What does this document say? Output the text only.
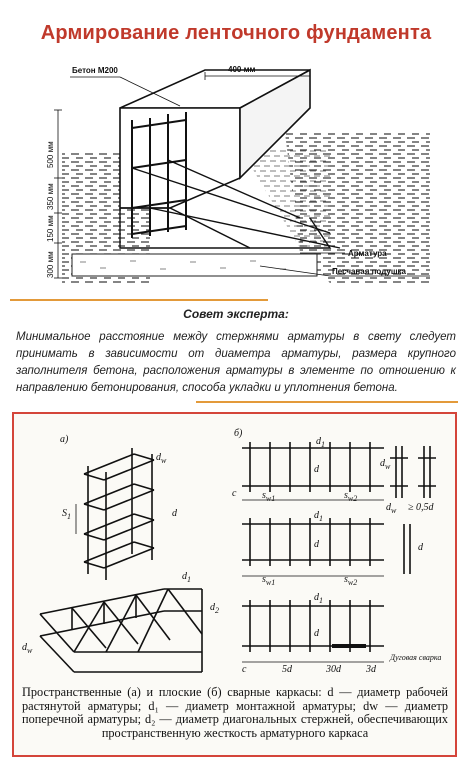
Армирование ленточного фундамента
400 мм
Бетон М200
Арматура
Песчаная подушка
500 мм
350 мм
150 мм
300 мм
Совет эксперта:
Минимальное расстояние между стержнями арматуры в свету следует принимать в зависимости от диаметра арматуры, размера крупного заполнителя бетона, расположения арматуры в элементе по отношению к направлению бетонирования, способа укладки и уплотнения бетона.
а)
$d_w$
d
$S_1$
$d_1$
$d_2$
$d_w$
б)
c	$s_{w1}$	$s_{w2}$
$d_1$
d
$d_w$
$d_w \ge 0,5d$
$s_{w1}$	$s_{w2}$
$d_1$
d	d
c	5d	30d	3d
$d_1$
d
Дуговая сварка
Пространственные (а) и плоские (б) сварные каркасы: d — диаметр рабочей растянутой арматуры; d₁ — диаметр монтажной арматуры; dw — диаметр поперечной арматуры; d₂ — диаметр диагональных стержней, обеспечивающих пространственную жесткость арматурного каркаса
